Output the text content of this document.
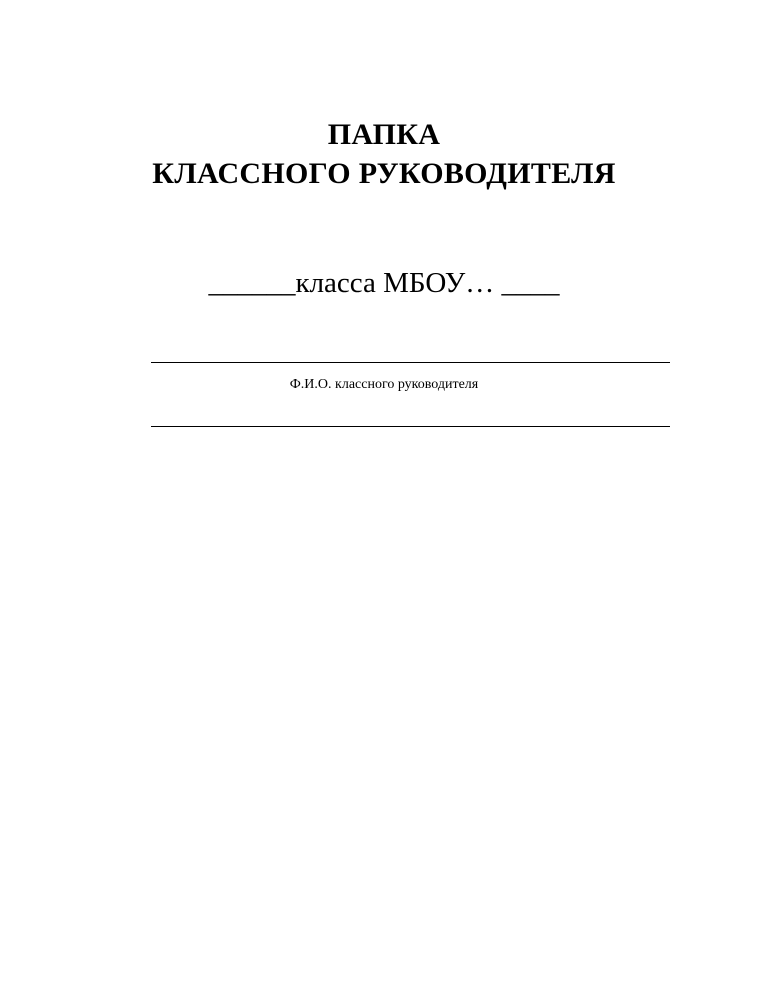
ПАПКА
КЛАССНОГО РУКОВОДИТЕЛЯ
______класса МБОУ… ____
Ф.И.О. классного руководителя
